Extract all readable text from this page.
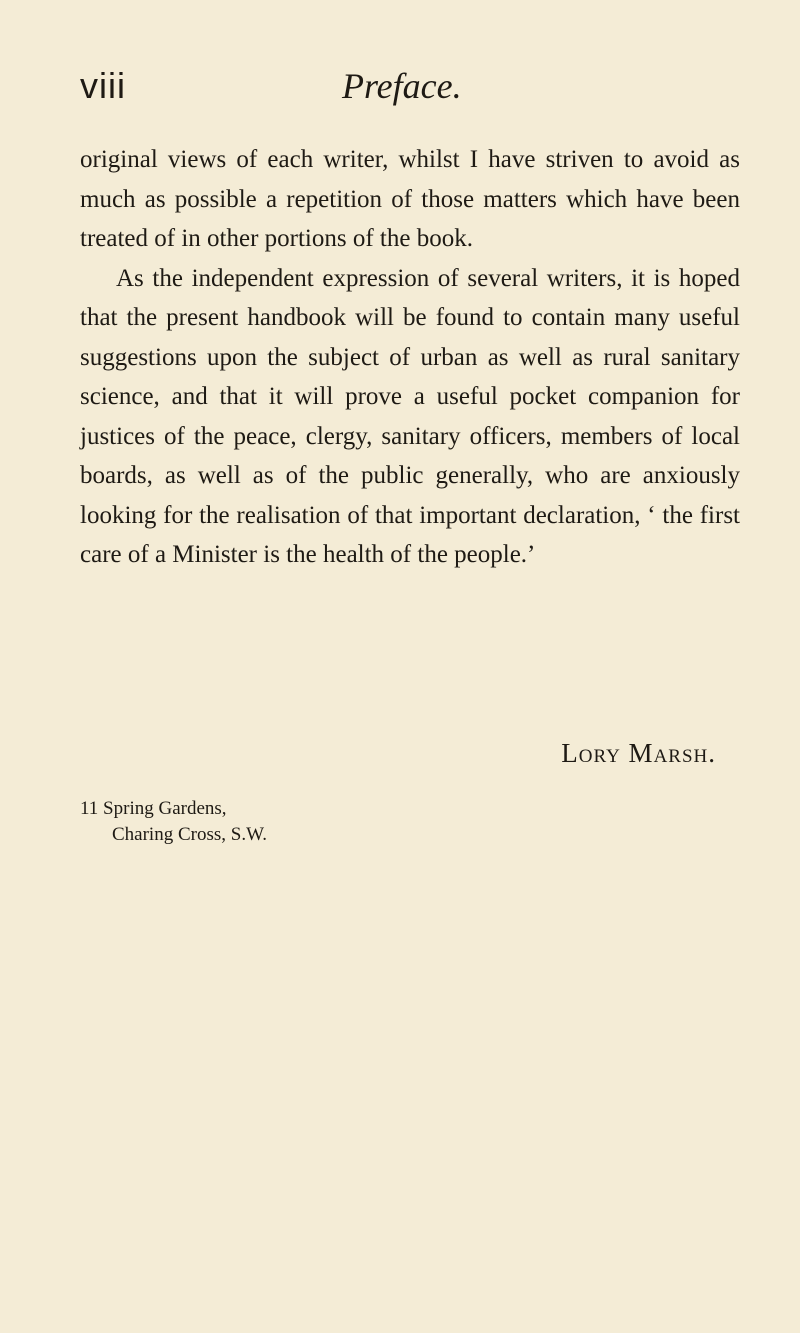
viii	Preface.

original views of each writer, whilst I have striven to avoid as much as possible a repetition of those matters which have been treated of in other portions of the book.

As the independent expression of several writers, it is hoped that the present handbook will be found to contain many useful suggestions upon the subject of urban as well as rural sanitary science, and that it will prove a useful pocket companion for justices of the peace, clergy, sanitary officers, members of local boards, as well as of the public generally, who are anxiously looking for the realisation of that important declaration, ‘ the first care of a Minister is the health of the people.’

Lory Marsh.
11 Spring Gardens,
Charing Cross, S.W.
